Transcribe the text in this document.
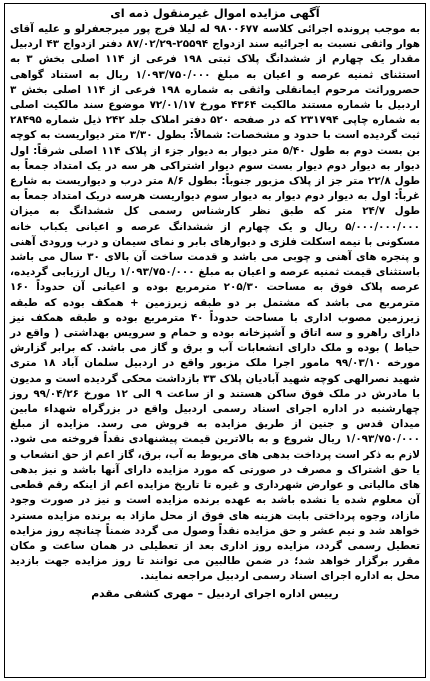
آگهی مزایده اموال غیرمنقول ذمه ای

به موجب پرونده اجرائی کلاسه ۹۸۰۰۶۷۷ له لیلا فرج پور میرجعفرلو و علیه آقای هوار واثقی نسبت به اجرائیه سند ازدواج ۲۵۵۹۴-۸۷/۰۲/۲۹ دفتر ازدواج ۴۳ اردبیل مقدار یک چهارم از ششدانگ پلاک ثبتی ۱۹۸ فرعی از ۱۱۴ اصلی بخش ۳ به استثنای ثمنیه عرصه و اعیان به مبلغ ۱/۰۹۳/۷۵۰/۰۰۰ ریال به استناد گواهی حصروراثت مرحوم ایمانقلی واثقی به شماره ۱۹۸ فرعی از ۱۱۴ اصلی بخش ۳ اردبیل با شماره مستند مالکیت ۴۳۶۴ مورخ ۷۲/۰۱/۱۷ موضوع سند مالکیت اصلی به شماره چاپی ۲۳۱۷۹۴ که در صفحه ۵۲۰ دفتر املاک جلد ۲۴۲ ذیل شماره ۲۸۴۹۵ ثبت گردیده است با حدود و مشخصات: شمالاً: بطول ۳/۳۰ متر دیواریست به کوچه بن بست دوم به طول ۵/۴۰ متر دیوار به دیوار جزء از پلاک ۱۱۴ اصلی شرقاً: اول دیوار به دیوار دوم دیوار بست سوم دیوار اشتراکی هر سه در یک امتداد جمعاً به طول ۲۲/۸ متر جز از پلاک مزبور جنوباً: بطول ۸/۶ متر درب و دیواریست به شارع غرباً: اول به دیوار دوم دیوار به دیوار سوم دیواریست هرسه دریک امتداد جمعاً به طول ۲۴/۷ متر که طبق نظر کارشناس رسمی کل ششدانگ به میزان ۵/۰۰۰/۰۰۰/۰۰۰ ریال و یک چهارم از ششدانگ عرصه و اعیانی یکباب خانه مسکونی با نیمه اسکلت فلزی و دیوارهای بابر و نمای سیمان و درب ورودی آهنی و پنجره های آهنی و چوبی می باشد و قدمت ساخت آن بالای ۳۰ سال می باشد باستثنای قیمت ثمنیه عرصه و اعیان به مبلغ ۱/۰۹۳/۷۵۰/۰۰۰ ریال ارزیابی گردیده، عرصه پلاک فوق به مساحت ۲۰۵/۳۰ مترمربع بوده و اعیانی آن حدوداً ۱۶۰ مترمربع می باشد که مشتمل بر دو طبقه زیرزمین + همکف بوده که طبقه زیرزمین مصوب اداری با مساحت حدوداً ۴۰ مترمربع بوده و طبقه همکف نیز دارای راهرو و سه اتاق و آشپزخانه بوده و حمام و سرویس بهداشتی ( واقع در حیاط ) بوده و ملک دارای انشعابات آب و برق و گاز می باشد. که برابر گزارش مورخه ۹۹/۰۳/۱۰ مامور اجرا ملک مزبور واقع در اردبیل سلمان آباد ۱۸ متری شهید نصرالهی کوچه شهید آبادیان پلاک ۳۳ بازداشت محکی گردیده است و مدیون با مادرش در ملک فوق ساکن هستند و از ساعت ۹ الی ۱۲ مورخ ۹۹/۰۴/۲۶ روز چهارشنبه در اداره اجرای اسناد رسمی اردبیل واقع در بزرگراه شهداء مابین میدان قدس و جنین از طریق مزایده به فروش می رسد. مزایده از مبلغ ۱/۰۹۳/۷۵۰/۰۰۰ ریال شروع و به بالاترین قیمت پیشنهادی نقداً فروخته می شود. لازم به ذکر است پرداخت بدهی های مربوط به آب، برق، گاز اعم از حق انشعاب و یا حق اشتراک و مصرف در صورتی که مورد مزایده دارای آنها باشد و نیز بدهی های مالیاتی و عوارض شهرداری و غیره تا تاریخ مزایده اعم از اینکه رقم قطعی آن معلوم شده یا نشده باشد به عهده برنده مزایده است و نیز در صورت وجود مازاد، وجوه پرداختی بابت هزینه های فوق از محل مازاد به برنده مزایده مسترد خواهد شد و نیم عشر و حق مزایده نقداً وصول می گردد ضمناً چنانچه روز مزایده تعطیل رسمی گردد، مزایده روز اداری بعد از تعطیلی در همان ساعت و مکان مقرر برگزار خواهد شد؛ در ضمن طالبین می توانند تا روز مزایده جهت بازدید محل به اداره اجرای اسناد رسمی اردبیل مراجعه نمایند.

رییس اداره اجرای اردبیل – مهری کشفی مقدم
